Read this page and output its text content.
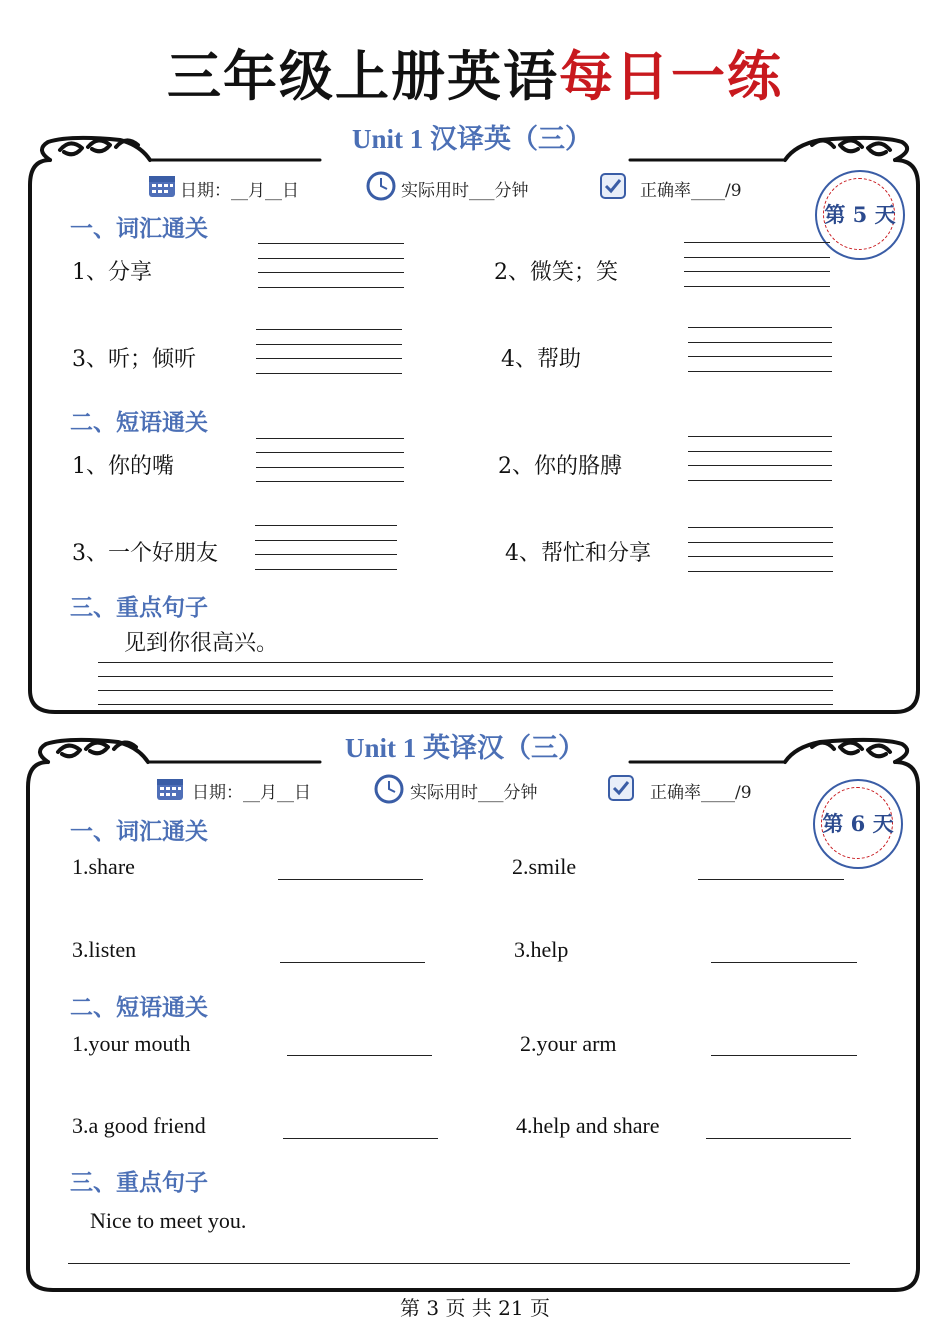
三年级上册英语每日一练
Unit 1 汉译英（三）
日期：__月__日	实际用时___分钟	正确率____/9
第 5 天
一、词汇通关
1、分享	2、微笑；笑
3、听；倾听	4、帮助
二、短语通关
1、你的嘴	2、你的胳膊
3、一个好朋友	4、帮忙和分享
三、重点句子
见到你很高兴。
Unit 1 英译汉（三）
日期：__月__日	实际用时___分钟	正确率____/9
第 6 天
一、词汇通关
1.share	2.smile
3.listen	3.help
二、短语通关
1.your mouth	2.your arm
3.a good friend	4.help and share
三、重点句子
Nice to meet you.
第 3 页 共 21 页
